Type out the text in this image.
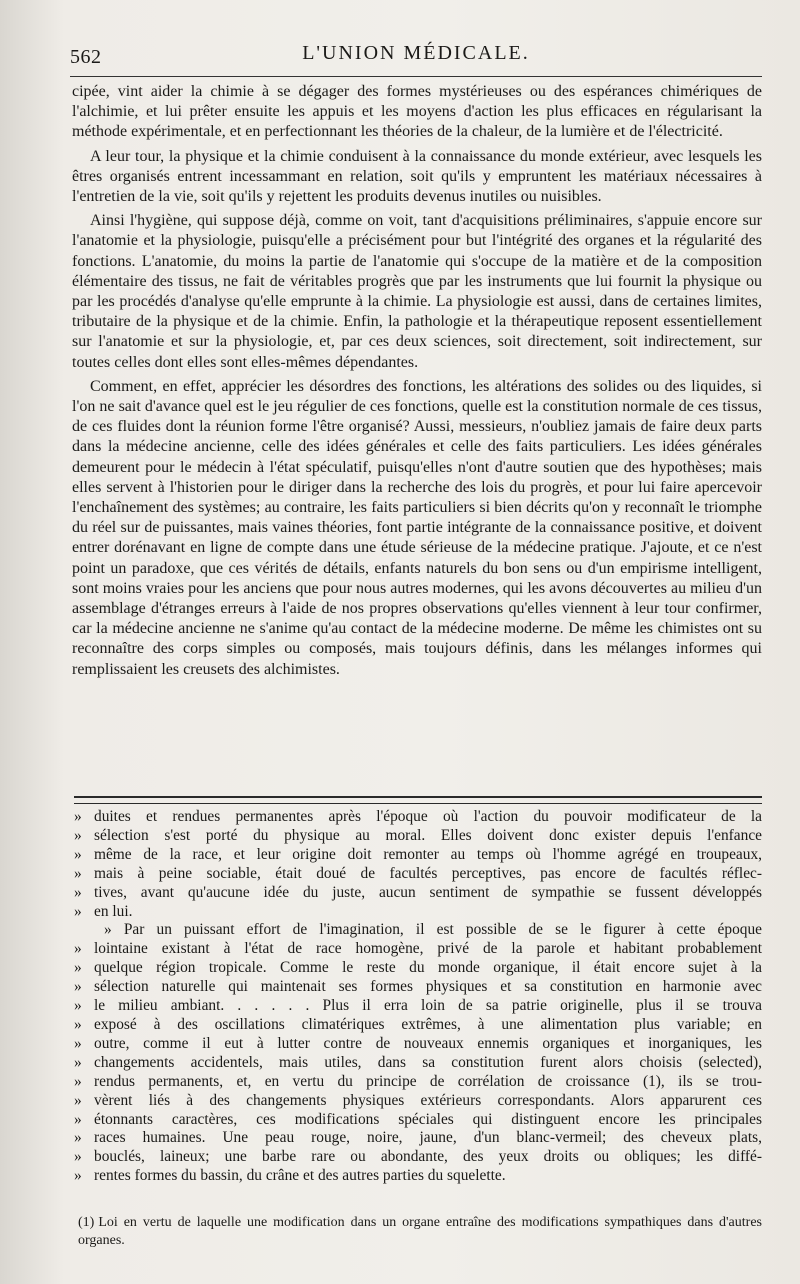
562	L'UNION MÉDICALE.

cipée, vint aider la chimie à se dégager des formes mystérieuses ou des espérances chimériques de l'alchimie, et lui prêter ensuite les appuis et les moyens d'action les plus efficaces en régularisant la méthode expérimentale, et en perfectionnant les théories de la chaleur, de la lumière et de l'électricité.

A leur tour, la physique et la chimie conduisent à la connaissance du monde extérieur, avec lesquels les êtres organisés entrent incessammant en relation, soit qu'ils y empruntent les matériaux nécessaires à l'entretien de la vie, soit qu'ils y rejettent les produits devenus inutiles ou nuisibles.

Ainsi l'hygiène, qui suppose déjà, comme on voit, tant d'acquisitions préliminaires, s'appuie encore sur l'anatomie et la physiologie, puisqu'elle a précisément pour but l'intégrité des organes et la régularité des fonctions. L'anatomie, du moins la partie de l'anatomie qui s'occupe de la matière et de la composition élémentaire des tissus, ne fait de véritables progrès que par les instruments que lui fournit la physique ou par les procédés d'analyse qu'elle emprunte à la chimie. La physiologie est aussi, dans de certaines limites, tributaire de la physique et de la chimie. Enfin, la pathologie et la thérapeutique reposent essentiellement sur l'anatomie et sur la physiologie, et, par ces deux sciences, soit directement, soit indirectement, sur toutes celles dont elles sont elles-mêmes dépendantes.

Comment, en effet, apprécier les désordres des fonctions, les altérations des solides ou des liquides, si l'on ne sait d'avance quel est le jeu régulier de ces fonctions, quelle est la constitution normale de ces tissus, de ces fluides dont la réunion forme l'être organisé? Aussi, messieurs, n'oubliez jamais de faire deux parts dans la médecine ancienne, celle des idées générales et celle des faits particuliers. Les idées générales demeurent pour le médecin à l'état spéculatif, puisqu'elles n'ont d'autre soutien que des hypothèses; mais elles servent à l'historien pour le diriger dans la recherche des lois du progrès, et pour lui faire apercevoir l'enchaînement des systèmes; au contraire, les faits particuliers si bien décrits qu'on y reconnaît le triomphe du réel sur de puissantes, mais vaines théories, font partie intégrante de la connaissance positive, et doivent entrer dorénavant en ligne de compte dans une étude sérieuse de la médecine pratique. J'ajoute, et ce n'est point un paradoxe, que ces vérités de détails, enfants naturels du bon sens ou d'un empirisme intelligent, sont moins vraies pour les anciens que pour nous autres modernes, qui les avons découvertes au milieu d'un assemblage d'étranges erreurs à l'aide de nos propres observations qu'elles viennent à leur tour confirmer, car la médecine ancienne ne s'anime qu'au contact de la médecine moderne. De même les chimistes ont su reconnaître des corps simples ou composés, mais toujours définis, dans les mélanges informes qui remplissaient les creusets des alchimistes.

» duites et rendues permanentes après l'époque où l'action du pouvoir modificateur de la
» sélection s'est porté du physique au moral. Elles doivent donc exister depuis l'enfance
» même de la race, et leur origine doit remonter au temps où l'homme agrégé en troupeaux,
» mais à peine sociable, était doué de facultés perceptives, pas encore de facultés réflec-
» tives, avant qu'aucune idée du juste, aucun sentiment de sympathie se fussent développés
» en lui.
» Par un puissant effort de l'imagination, il est possible de se le figurer à cette époque
» lointaine existant à l'état de race homogène, privé de la parole et habitant probablement
» quelque région tropicale. Comme le reste du monde organique, il était encore sujet à la
» sélection naturelle qui maintenait ses formes physiques et sa constitution en harmonie avec
» le milieu ambiant. . . . . . Plus il erra loin de sa patrie originelle, plus il se trouva
» exposé à des oscillations climatériques extrêmes, à une alimentation plus variable; en
» outre, comme il eut à lutter contre de nouveaux ennemis organiques et inorganiques, les
» changements accidentels, mais utiles, dans sa constitution furent alors choisis (selected),
» rendus permanents, et, en vertu du principe de corrélation de croissance (1), ils se trou-
» vèrent liés à des changements physiques extérieurs correspondants. Alors apparurent ces
» étonnants caractères, ces modifications spéciales qui distinguent encore les principales
» races humaines. Une peau rouge, noire, jaune, d'un blanc-vermeil; des cheveux plats,
» bouclés, laineux; une barbe rare ou abondante, des yeux droits ou obliques; les diffé-
» rentes formes du bassin, du crâne et des autres parties du squelette.
(1) Loi en vertu de laquelle une modification dans un organe entraîne des modifications sympathiques dans d'autres organes.
